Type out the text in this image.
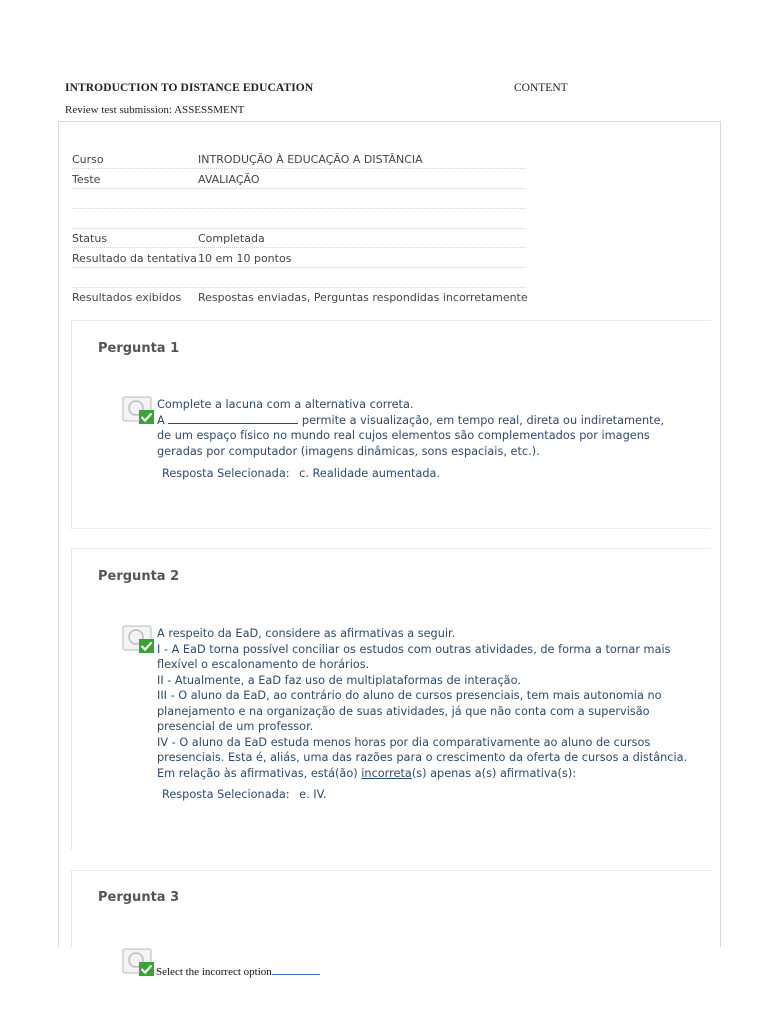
INTRODUCTION TO DISTANCE EDUCATION	CONTENT
Review test submission: ASSESSMENT
Curso	INTRODUÇÃO À EDUCAÇÃO A DISTÂNCIA
Teste	AVALIAÇÃO
Status	Completada
Resultado da tentativa 10 em 10 pontos
Resultados exibidos Respostas enviadas, Perguntas respondidas incorretamente
Pergunta 1
Complete a lacuna com a alternativa correta.
A	permite a visualização, em tempo real, direta ou indiretamente,
de um espaço físico no mundo real cujos elementos são complementados por imagens
geradas por computador (imagens dinâmicas, sons espaciais, etc.).
Resposta Selecionada: c. Realidade aumentada.
Pergunta 2
A respeito da EaD, considere as afirmativas a seguir.
I - A EaD torna possível conciliar os estudos com outras atividades, de forma a tornar mais
flexível o escalonamento de horários.
II - Atualmente, a EaD faz uso de multiplataformas de interação.
III - O aluno da EaD, ao contrário do aluno de cursos presenciais, tem mais autonomia no
planejamento e na organização de suas atividades, já que não conta com a supervisão
presencial de um professor.
IV - O aluno da EaD estuda menos horas por dia comparativamente ao aluno de cursos
presenciais. Esta é, aliás, uma das razões para o crescimento da oferta de cursos a distância.
Em relação às afirmativas, está(ão) incorreta(s) apenas a(s) afirmativa(s):
Resposta Selecionada: e. IV.
Pergunta 3
Select the incorrect option
